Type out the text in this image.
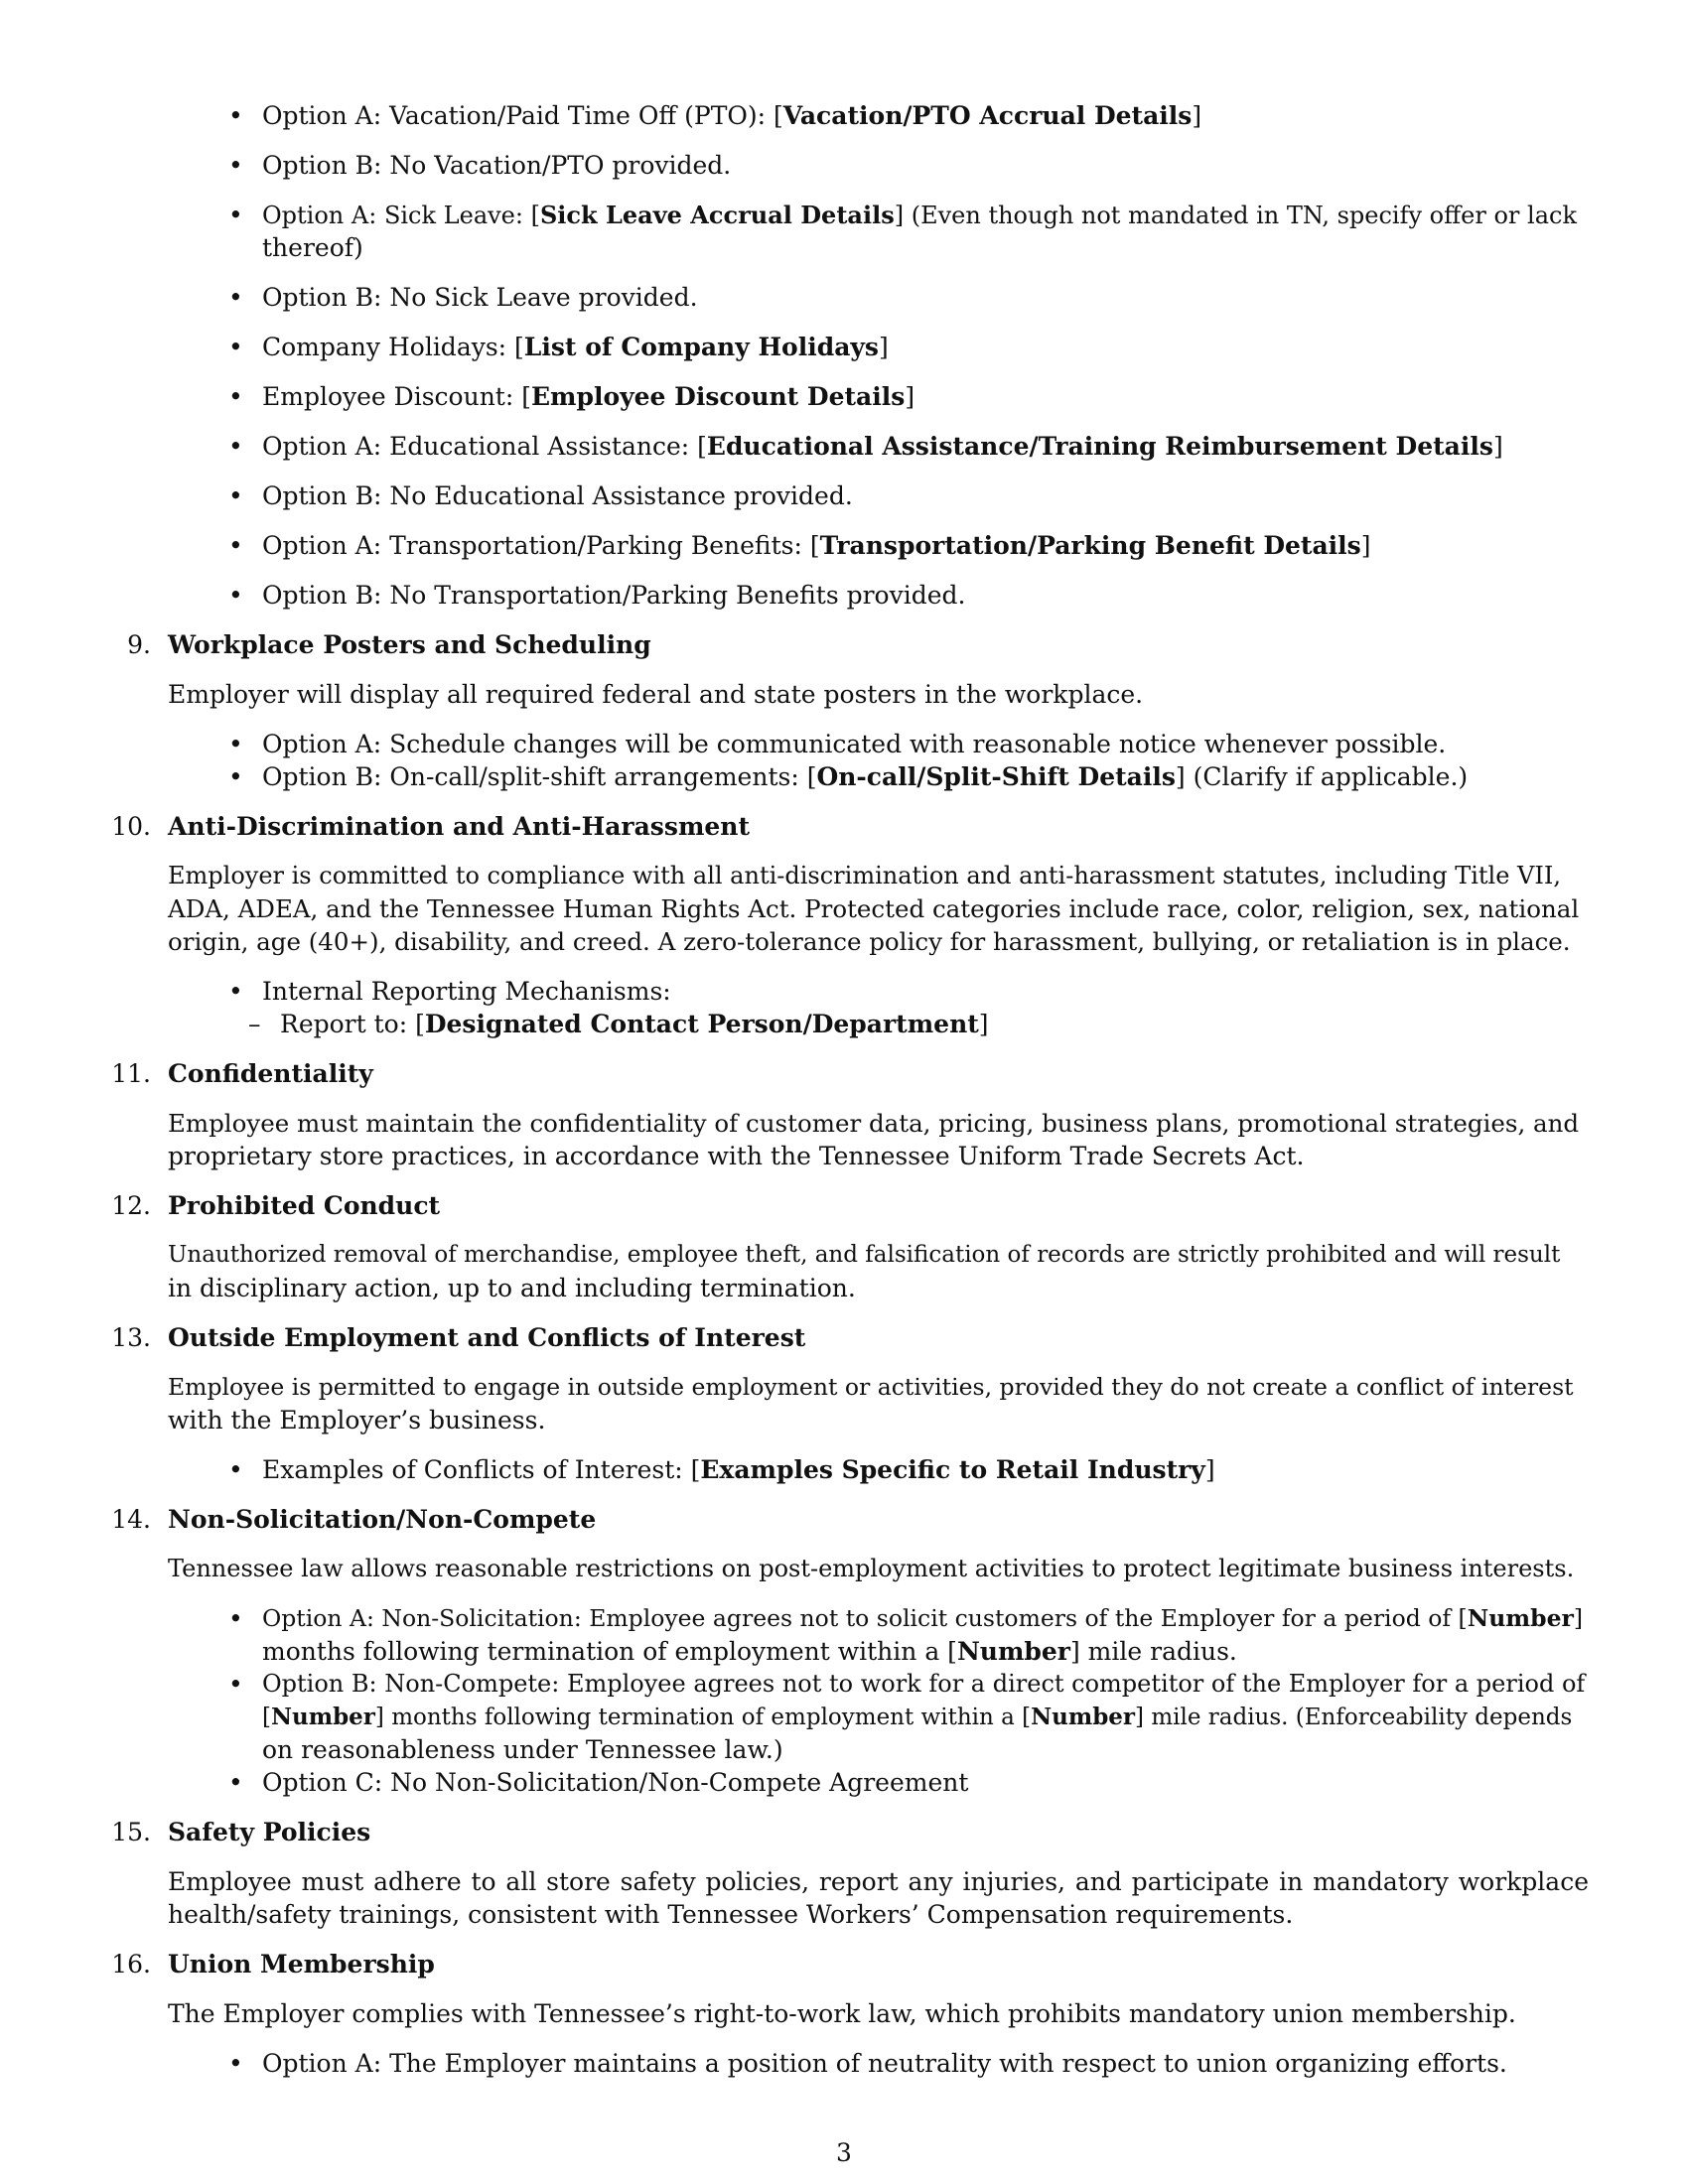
• Option A: Vacation/Paid Time Off (PTO): [Vacation/PTO Accrual Details]
• Option B: No Vacation/PTO provided.
• Option A: Sick Leave: [Sick Leave Accrual Details] (Even though not mandated in TN, specify offer or lack
thereof)
• Option B: No Sick Leave provided.
• Company Holidays: [List of Company Holidays]
• Employee Discount: [Employee Discount Details]
• Option A: Educational Assistance: [Educational Assistance/Training Reimbursement Details]
• Option B: No Educational Assistance provided.
• Option A: Transportation/Parking Benefits: [Transportation/Parking Benefit Details]
• Option B: No Transportation/Parking Benefits provided.
9. Workplace Posters and Scheduling
Employer will display all required federal and state posters in the workplace.
• Option A: Schedule changes will be communicated with reasonable notice whenever possible.
• Option B: On-call/split-shift arrangements: [On-call/Split-Shift Details] (Clarify if applicable.)
10. Anti-Discrimination and Anti-Harassment
Employer is committed to compliance with all anti-discrimination and anti-harassment statutes, including Title VII,
ADA, ADEA, and the Tennessee Human Rights Act. Protected categories include race, color, religion, sex, national
origin, age (40+), disability, and creed. A zero-tolerance policy for harassment, bullying, or retaliation is in place.
• Internal Reporting Mechanisms:
– Report to: [Designated Contact Person/Department]
11. Confidentiality
Employee must maintain the confidentiality of customer data, pricing, business plans, promotional strategies, and
proprietary store practices, in accordance with the Tennessee Uniform Trade Secrets Act.
12. Prohibited Conduct
Unauthorized removal of merchandise, employee theft, and falsification of records are strictly prohibited and will result
in disciplinary action, up to and including termination.
13. Outside Employment and Conflicts of Interest
Employee is permitted to engage in outside employment or activities, provided they do not create a conflict of interest
with the Employer’s business.
• Examples of Conflicts of Interest: [Examples Specific to Retail Industry]
14. Non-Solicitation/Non-Compete
Tennessee law allows reasonable restrictions on post-employment activities to protect legitimate business interests.
• Option A: Non-Solicitation: Employee agrees not to solicit customers of the Employer for a period of [Number]
months following termination of employment within a [Number] mile radius.
• Option B: Non-Compete: Employee agrees not to work for a direct competitor of the Employer for a period of
[Number] months following termination of employment within a [Number] mile radius. (Enforceability depends
on reasonableness under Tennessee law.)
• Option C: No Non-Solicitation/Non-Compete Agreement
15. Safety Policies
Employee must adhere to all store safety policies, report any injuries, and participate in mandatory workplace
health/safety trainings, consistent with Tennessee Workers’ Compensation requirements.
16. Union Membership
The Employer complies with Tennessee’s right-to-work law, which prohibits mandatory union membership.
• Option A: The Employer maintains a position of neutrality with respect to union organizing efforts.
3
